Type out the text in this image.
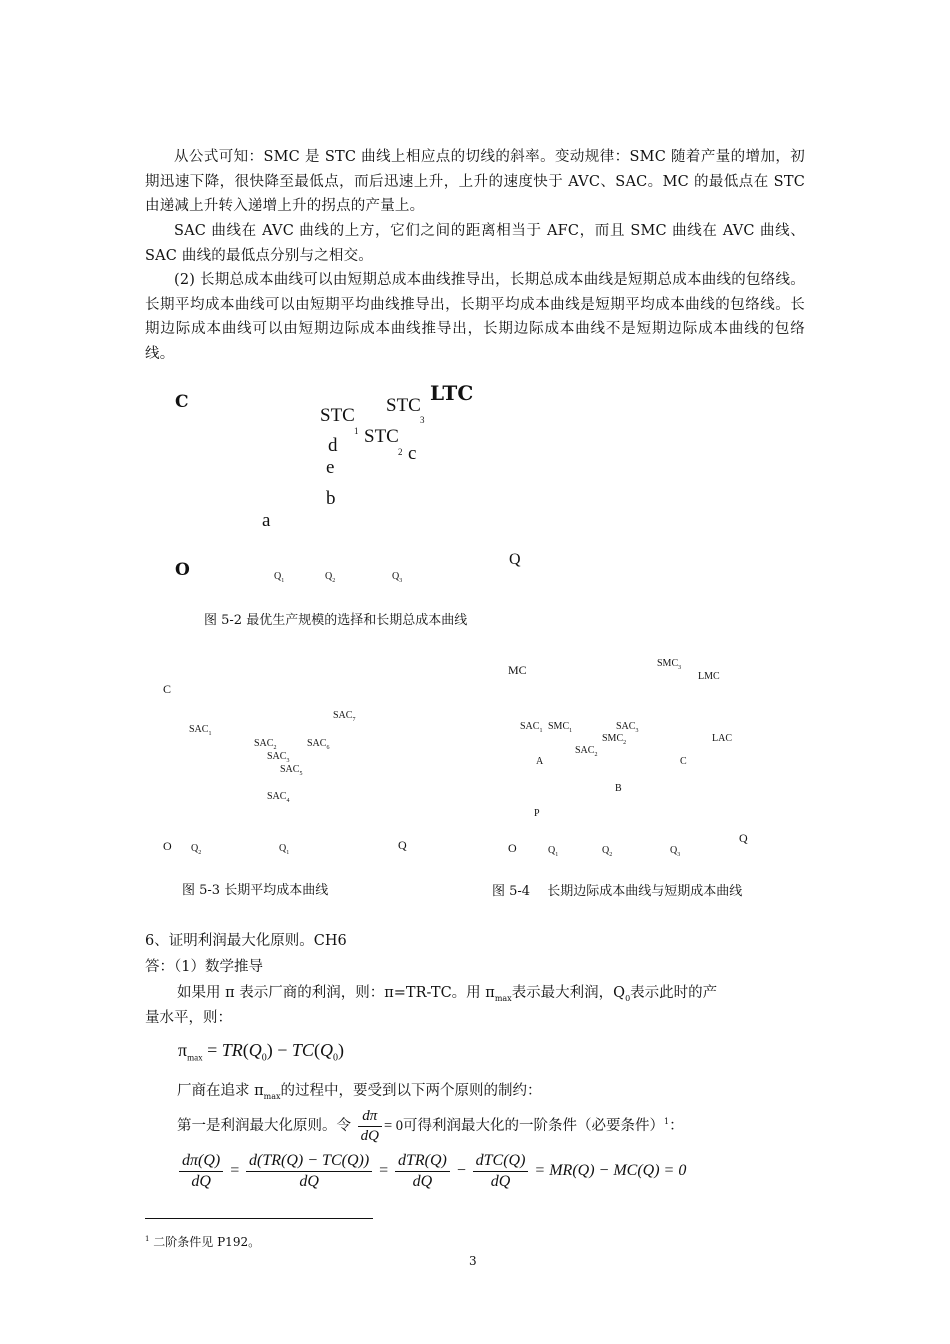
从公式可知：SMC 是 STC 曲线上相应点的切线的斜率。变动规律：SMC 随着产量的增加，初期迅速下降，很快降至最低点，而后迅速上升，上升的速度快于 AVC、SAC。MC 的最低点在 STC 由递减上升转入递增上升的拐点的产量上。
SAC 曲线在 AVC 曲线的上方，它们之间的距离相当于 AFC，而且 SMC 曲线在 AVC 曲线、SAC 曲线的最低点分别与之相交。
(2) 长期总成本曲线可以由短期总成本曲线推导出，长期总成本曲线是短期总成本曲线的包络线。长期平均成本曲线可以由短期平均曲线推导出，长期平均成本曲线是短期平均成本曲线的包络线。长期边际成本曲线可以由短期边际成本曲线推导出，长期边际成本曲线不是短期边际成本曲线的包络线。
C
O
LTC
STC
1
STC
3
STC
2 c
d
e
b
a
Q
$Q_1$	$Q_2$	$Q_3$
图 5-2 最优生产规模的选择和长期总成本曲线
C
O	Q
$SAC_1$
$SAC_7$
$SAC_2$	$SAC_6$
$SAC_3$
$SAC_5$
$SAC_4$
$Q_2$	$Q_1$
图 5-3 长期平均成本曲线
MC
O
Q
$SMC_3$
LMC
LAC
$SAC_1$ $SMC_1$	$SAC_3$
$SMC_2$
$SAC_2$
A	C
B
P
$Q_1$	$Q_2$	$Q_3$
图 5-4　 长期边际成本曲线与短期成本曲线
6、证明利润最大化原则。CH6
答：（1）数学推导
如果用 π 表示厂商的利润，则：π=TR-TC。用 $\pi_{max}$表示最大利润，$Q_0$表示此时的产
量水平，则：
$\pi_{max} = TR(Q_0) - TC(Q_0)$
厂商在追求 $\pi_{max}$的过程中，要受到以下两个原则的制约：
第一是利润最大化原则。令 $\frac{d\pi}{dQ} = 0$可得利润最大化的一阶条件（必要条件）$^1$：
$\frac{d\pi(Q)}{dQ} = \frac{d(TR(Q) - TC(Q))}{dQ} = \frac{\text{dTR(Q)}}{dQ} - \frac{\text{dTC(Q)}}{dQ} = MR(Q) - MC(Q) = 0$
$^1$ 二阶条件见 P192。
3
